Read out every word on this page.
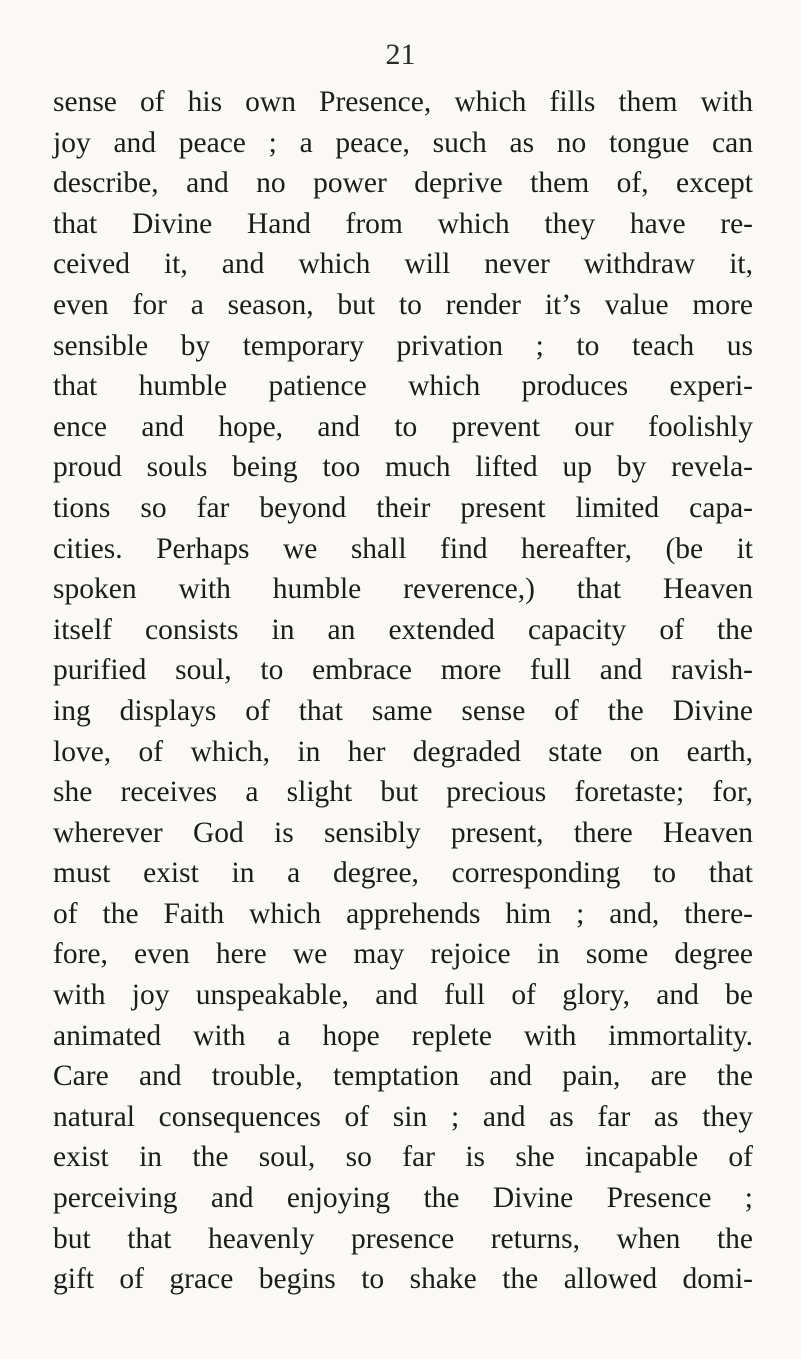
21
sense of his own Presence, which fills them with
joy and peace ; a peace, such as no tongue can
describe, and no power deprive them of, except
that Divine Hand from which they have re-
ceived it, and which will never withdraw it,
even for a season, but to render it’s value more
sensible by temporary privation ; to teach us
that humble patience which produces experi-
ence and hope, and to prevent our foolishly
proud souls being too much lifted up by revela-
tions so far beyond their present limited capa-
cities. Perhaps we shall find hereafter, (be it
spoken with humble reverence,) that Heaven
itself consists in an extended capacity of the
purified soul, to embrace more full and ravish-
ing displays of that same sense of the Divine
love, of which, in her degraded state on earth,
she receives a slight but precious foretaste; for,
wherever God is sensibly present, there Heaven
must exist in a degree, corresponding to that
of the Faith which apprehends him ; and, there-
fore, even here we may rejoice in some degree
with joy unspeakable, and full of glory, and be
animated with a hope replete with immortality.
Care and trouble, temptation and pain, are the
natural consequences of sin ; and as far as they
exist in the soul, so far is she incapable of
perceiving and enjoying the Divine Presence ;
but that heavenly presence returns, when the
gift of grace begins to shake the allowed domi-
